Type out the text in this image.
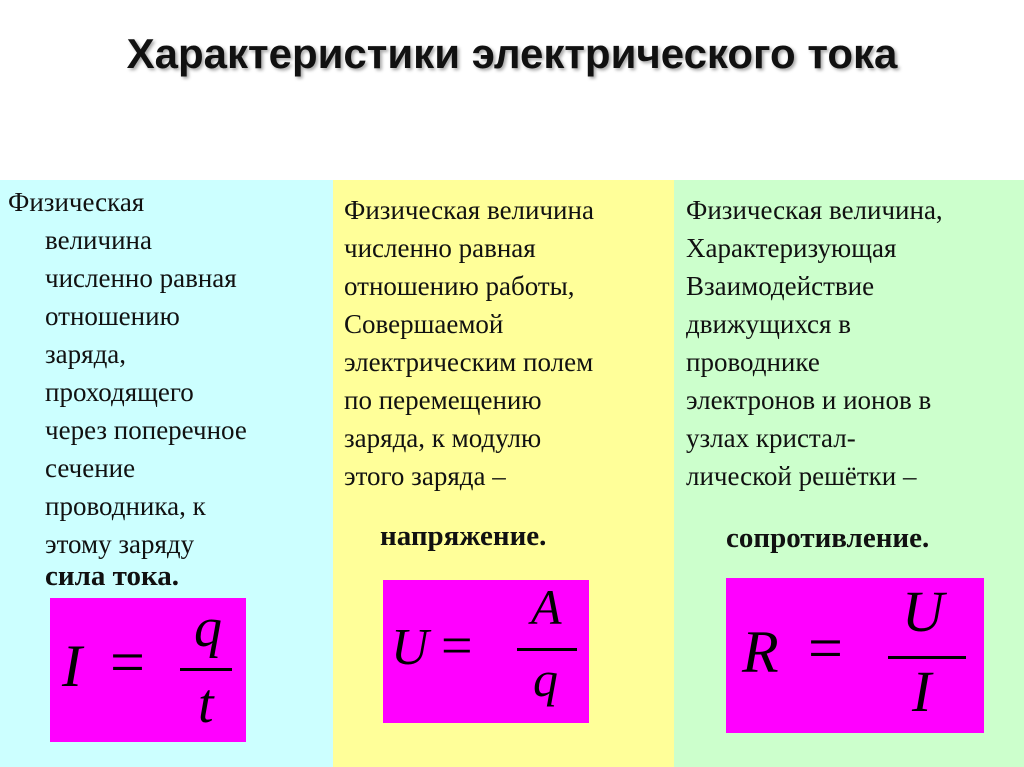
Характеристики электрического тока
Физическая
величина
численно равная
отношению
заряда,
проходящего
через поперечное
сечение
проводника, к
этому заряду
сила тока.
I =
q
t
Физическая величина
численно равная
отношению работы,
Совершаемой
электрическим полем
по перемещению
заряда, к модулю
этого заряда –
напряжение.
U =
A
q
Физическая величина,
Характеризующая
Взаимодействие
движущихся в
проводнике
электронов и ионов в
узлах кристал-
лической решётки –
сопротивление.
R =
U
I
